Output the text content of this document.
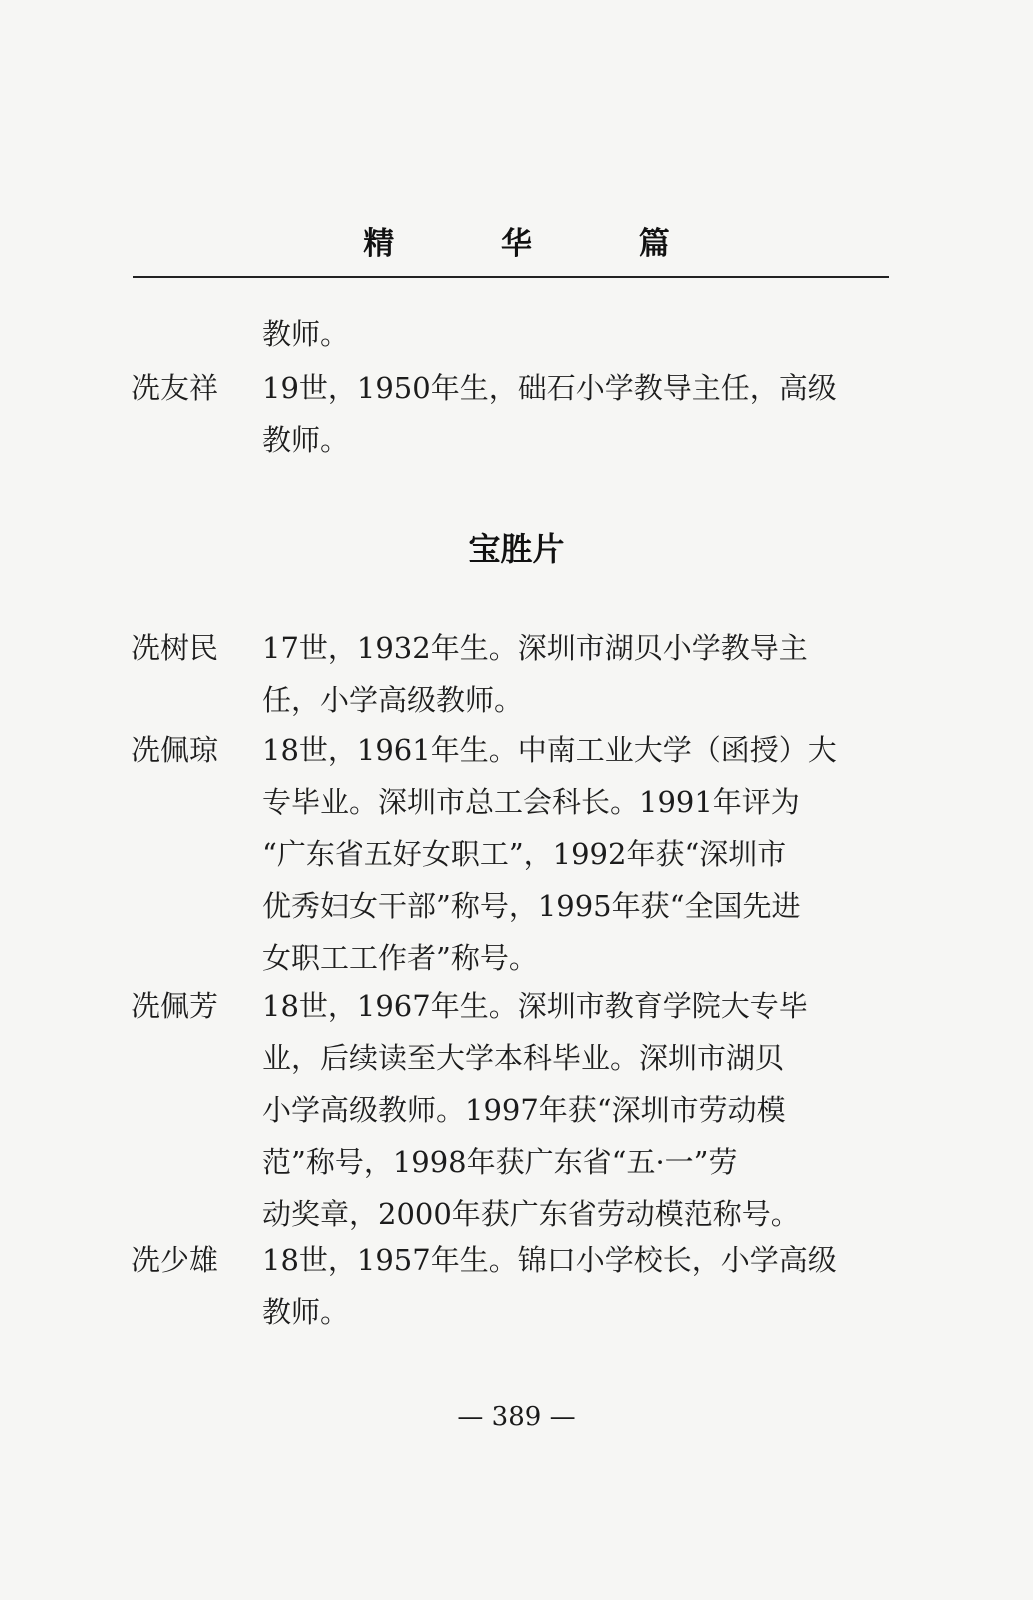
精 华 篇
教师。
冼友祥 19世，1950年生，础石小学教导主任，高级
教师。
宝胜片
冼树民 17世，1932年生。深圳市湖贝小学教导主
任，小学高级教师。
冼佩琼 18世，1961年生。中南工业大学（函授）大
专毕业。深圳市总工会科长。1991年评为
“广东省五好女职工”，1992年获“深圳市
优秀妇女干部”称号，1995年获“全国先进
女职工工作者”称号。
冼佩芳 18世，1967年生。深圳市教育学院大专毕
业，后续读至大学本科毕业。深圳市湖贝
小学高级教师。1997年获“深圳市劳动模
范”称号，1998年获广东省“五·一”劳
动奖章，2000年获广东省劳动模范称号。
冼少雄 18世，1957年生。锦口小学校长，小学高级
教师。
— 389 —
